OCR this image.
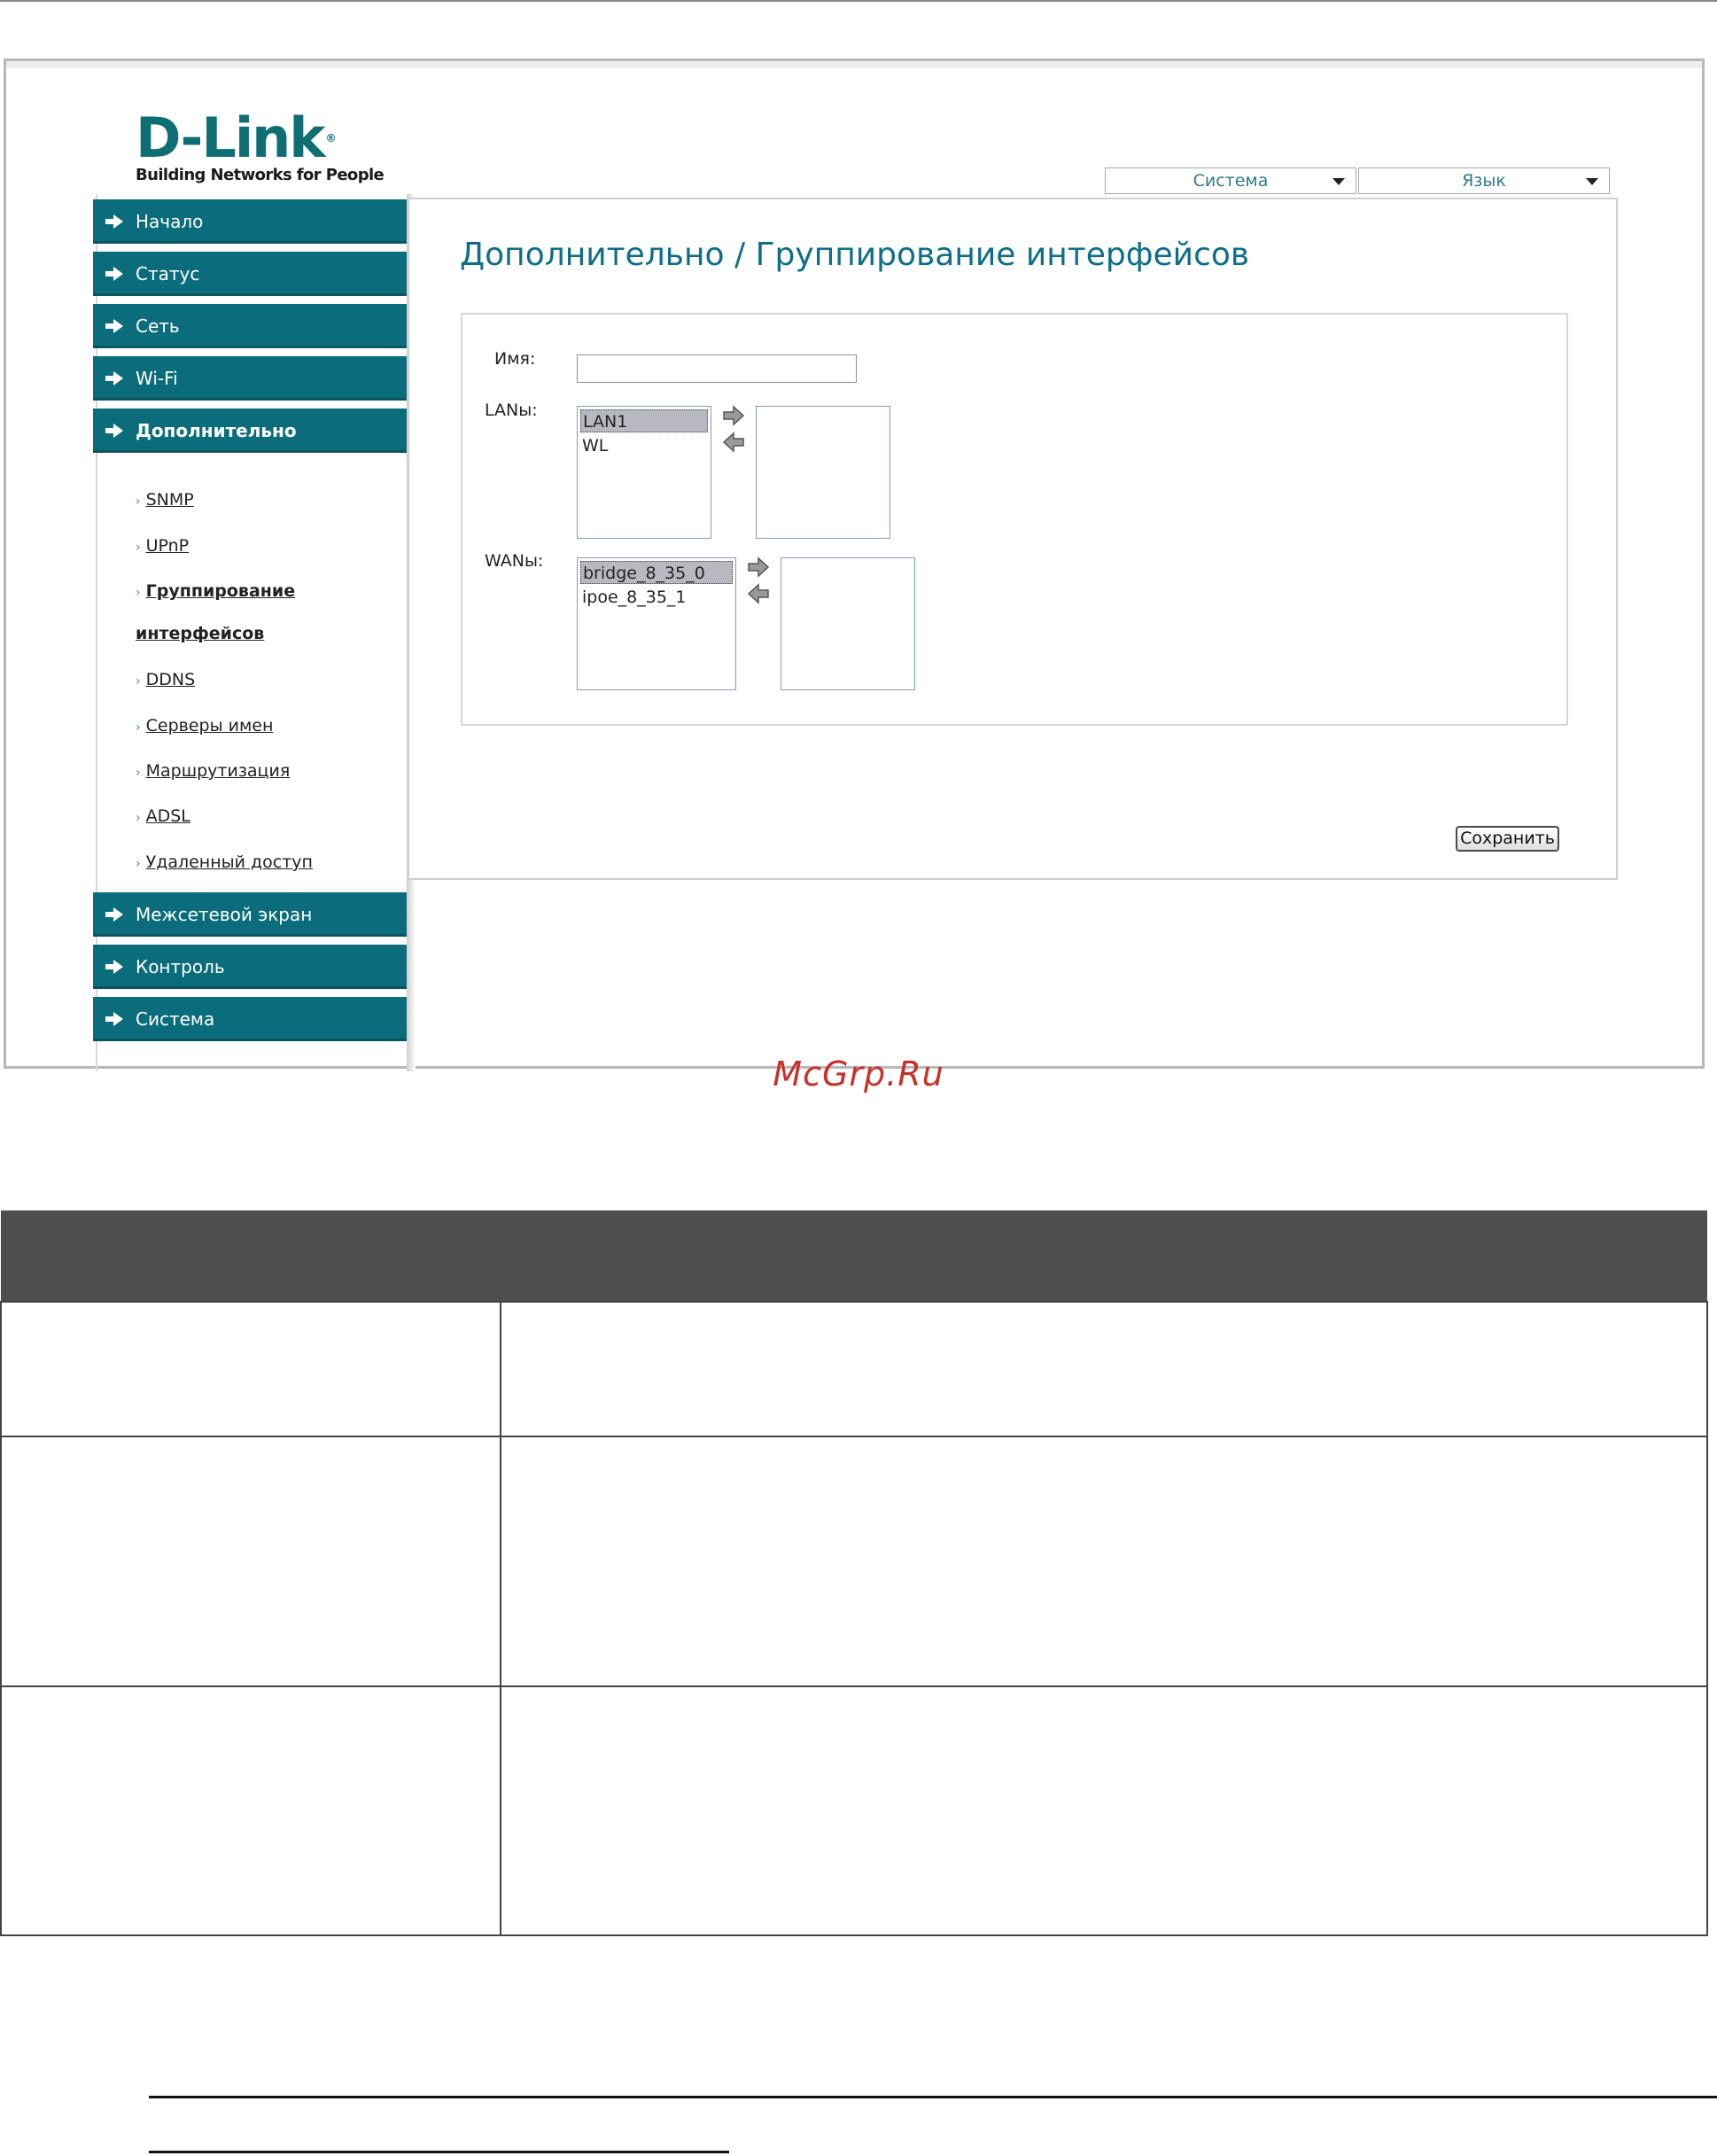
D-Link ®
Building Networks for People	Система	Язык
Начало
Статус
Сеть
Wi-Fi
Дополнительно
› SNMP
› UPnP
› Группирование
интерфейсов
› DDNS
› Серверы имен
› Маршрутизация
› ADSL
› Удаленный доступ
Межсетевой экран
Контроль
Система
Дополнительно / Группирование интерфейсов
Имя:
LANы:
LAN1
WL
WANы:
bridge_8_35_0
ipoe_8_35_1
Сохранить
McGrp.Ru
